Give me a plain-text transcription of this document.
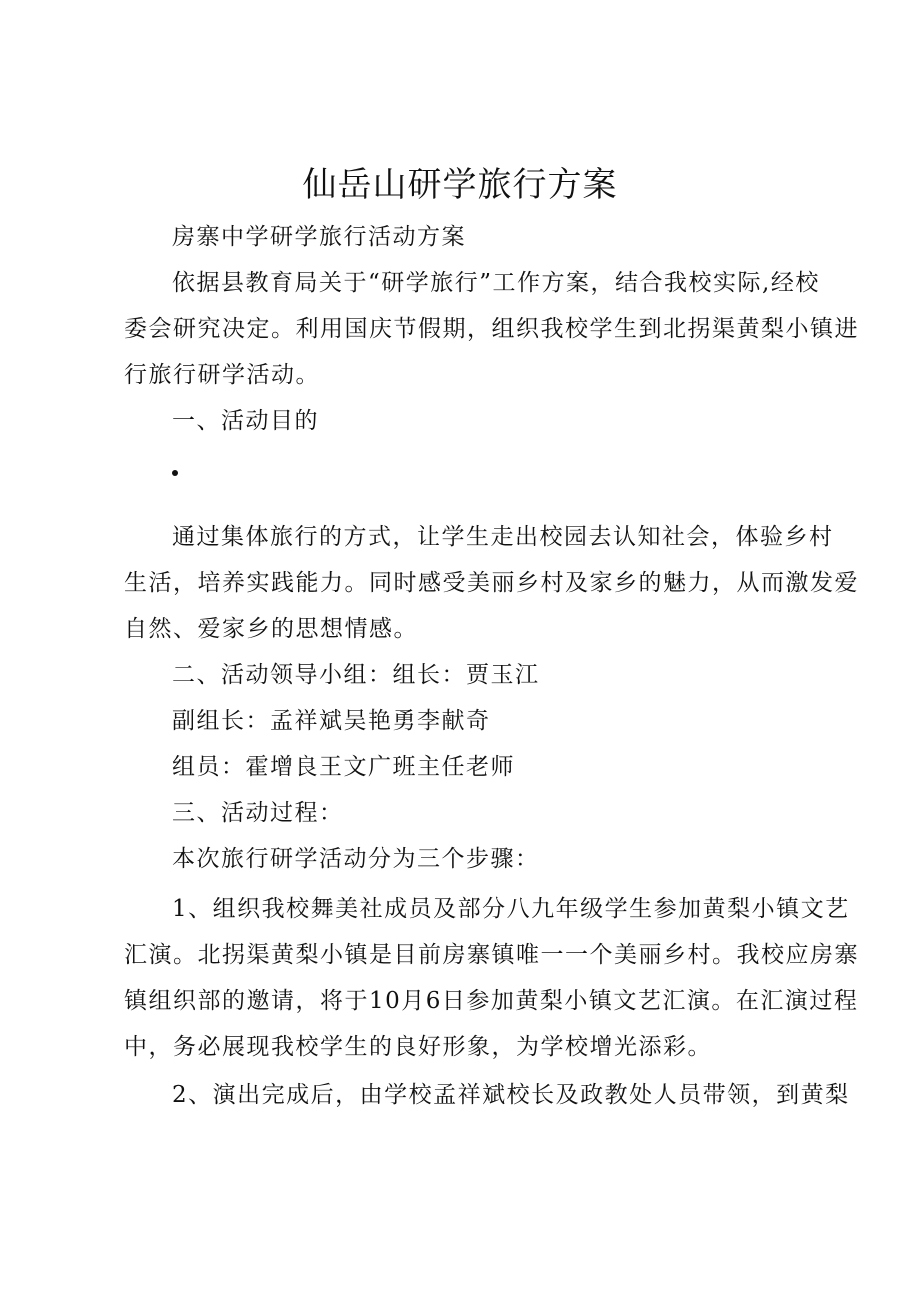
仙岳山研学旅行方案
房寨中学研学旅行活动方案
依据县教育局关于“研学旅行”工作方案，结合我校实际,经校
委会研究决定。利用国庆节假期，组织我校学生到北拐渠黄梨小镇进
行旅行研学活动。
一、活动目的
通过集体旅行的方式，让学生走出校园去认知社会，体验乡村
生活，培养实践能力。同时感受美丽乡村及家乡的魅力，从而激发爱
自然、爱家乡的思想情感。
二、活动领导小组：组长：贾玉江
副组长：孟祥斌吴艳勇李献奇
组员：霍增良王文广班主任老师
三、活动过程：
本次旅行研学活动分为三个步骤：
1、组织我校舞美社成员及部分八九年级学生参加黄梨小镇文艺
汇演。北拐渠黄梨小镇是目前房寨镇唯一一个美丽乡村。我校应房寨
镇组织部的邀请，将于10月6日参加黄梨小镇文艺汇演。在汇演过程
中，务必展现我校学生的良好形象，为学校增光添彩。
2、演出完成后，由学校孟祥斌校长及政教处人员带领，到黄梨
